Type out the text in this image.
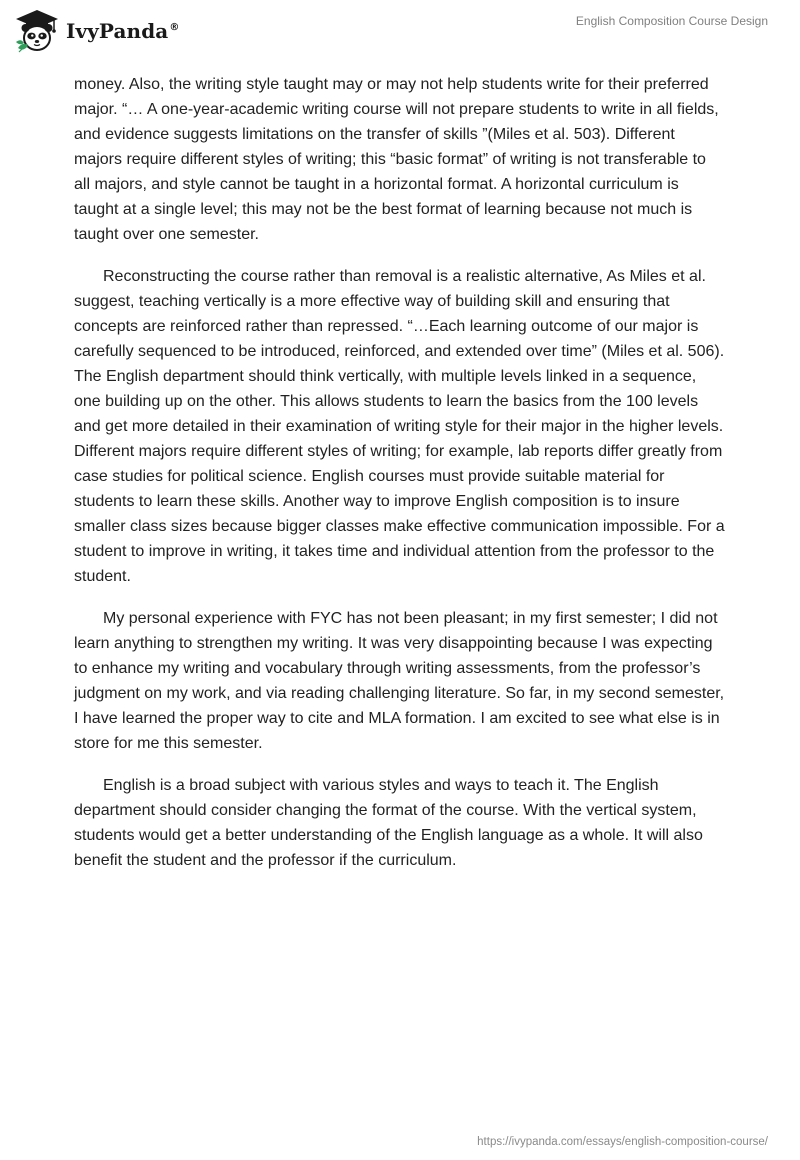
IvyPanda®	English Composition Course Design

money. Also, the writing style taught may or may not help students write for their preferred major. “… A one-year-academic writing course will not prepare students to write in all fields, and evidence suggests limitations on the transfer of skills ”(Miles et al. 503). Different majors require different styles of writing; this “basic format” of writing is not transferable to all majors, and style cannot be taught in a horizontal format. A horizontal curriculum is taught at a single level; this may not be the best format of learning because not much is taught over one semester.

Reconstructing the course rather than removal is a realistic alternative, As Miles et al. suggest, teaching vertically is a more effective way of building skill and ensuring that concepts are reinforced rather than repressed. “…Each learning outcome of our major is carefully sequenced to be introduced, reinforced, and extended over time” (Miles et al. 506). The English department should think vertically, with multiple levels linked in a sequence, one building up on the other. This allows students to learn the basics from the 100 levels and get more detailed in their examination of writing style for their major in the higher levels. Different majors require different styles of writing; for example, lab reports differ greatly from case studies for political science. English courses must provide suitable material for students to learn these skills. Another way to improve English composition is to insure smaller class sizes because bigger classes make effective communication impossible. For a student to improve in writing, it takes time and individual attention from the professor to the student.

My personal experience with FYC has not been pleasant; in my first semester; I did not learn anything to strengthen my writing. It was very disappointing because I was expecting to enhance my writing and vocabulary through writing assessments, from the professor’s judgment on my work, and via reading challenging literature. So far, in my second semester, I have learned the proper way to cite and MLA formation. I am excited to see what else is in store for me this semester.

English is a broad subject with various styles and ways to teach it. The English department should consider changing the format of the course. With the vertical system, students would get a better understanding of the English language as a whole. It will also benefit the student and the professor if the curriculum.

https://ivypanda.com/essays/english-composition-course/
